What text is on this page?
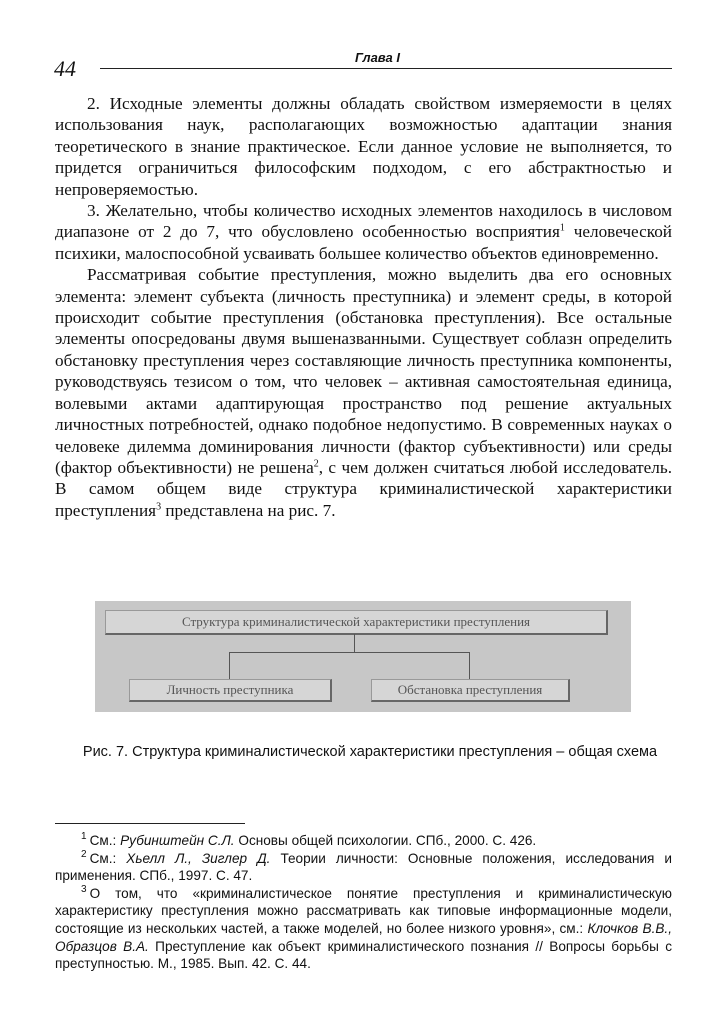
44	Глава I

2. Исходные элементы должны обладать свойством измеряемости в целях использования наук, располагающих возможностью адаптации знания теоретического в знание практическое. Если данное условие не выполняется, то придется ограничиться философским подходом, с его абстрактностью и непроверяемостью.

3. Желательно, чтобы количество исходных элементов находилось в числовом диапазоне от 2 до 7, что обусловлено особенностью восприятия$^1$ человеческой психики, малоспособной усваивать большее количество объектов единовременно.

Рассматривая событие преступления, можно выделить два его основных элемента: элемент субъекта (личность преступника) и элемент среды, в которой происходит событие преступления (обстановка преступления). Все остальные элементы опосредованы двумя вышеназванными. Существует соблазн определить обстановку преступления через составляющие личность преступника компоненты, руководствуясь тезисом о том, что человек – активная самостоятельная единица, волевыми актами адаптирующая пространство под решение актуальных личностных потребностей, однако подобное недопустимо. В современных науках о человеке дилемма доминирования личности (фактор субъективности) или среды (фактор объективности) не решена$^2$, с чем должен считаться любой исследователь. В самом общем виде структура криминалистической характеристики преступления$^3$ представлена на рис. 7.

Структура криминалистической характеристики преступления
Личность преступника	Обстановка преступления
Рис. 7. Структура криминалистической характеристики преступления – общая схема

$^1$ См.: Рубинштейн С.Л. Основы общей психологии. СПб., 2000. С. 426.

$^2$ См.: Хьелл Л., Зиглер Д. Теории личности: Основные положения, исследования и применения. СПб., 1997. С. 47.

$^3$ О том, что «криминалистическое понятие преступления и криминалистическую характеристику преступления можно рассматривать как типовые информационные модели, состоящие из нескольких частей, а также моделей, но более низкого уровня», см.: Клочков В.В., Образцов В.А. Преступление как объект криминалистического познания // Вопросы борьбы с преступностью. М., 1985. Вып. 42. С. 44.
